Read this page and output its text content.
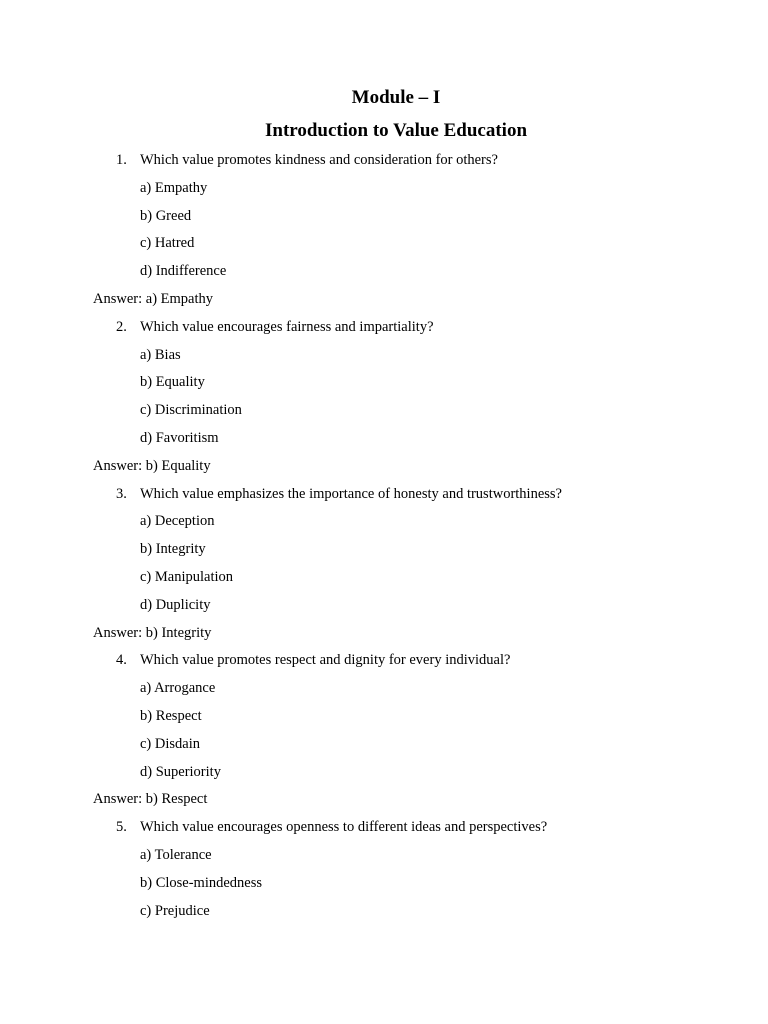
Module – I
Introduction to Value Education
1. Which value promotes kindness and consideration for others?
a) Empathy
b) Greed
c) Hatred
d) Indifference
Answer: a) Empathy
2. Which value encourages fairness and impartiality?
a) Bias
b) Equality
c) Discrimination
d) Favoritism
Answer: b) Equality
3. Which value emphasizes the importance of honesty and trustworthiness?
a) Deception
b) Integrity
c) Manipulation
d) Duplicity
Answer: b) Integrity
4. Which value promotes respect and dignity for every individual?
a) Arrogance
b) Respect
c) Disdain
d) Superiority
Answer: b) Respect
5. Which value encourages openness to different ideas and perspectives?
a) Tolerance
b) Close-mindedness
c) Prejudice
